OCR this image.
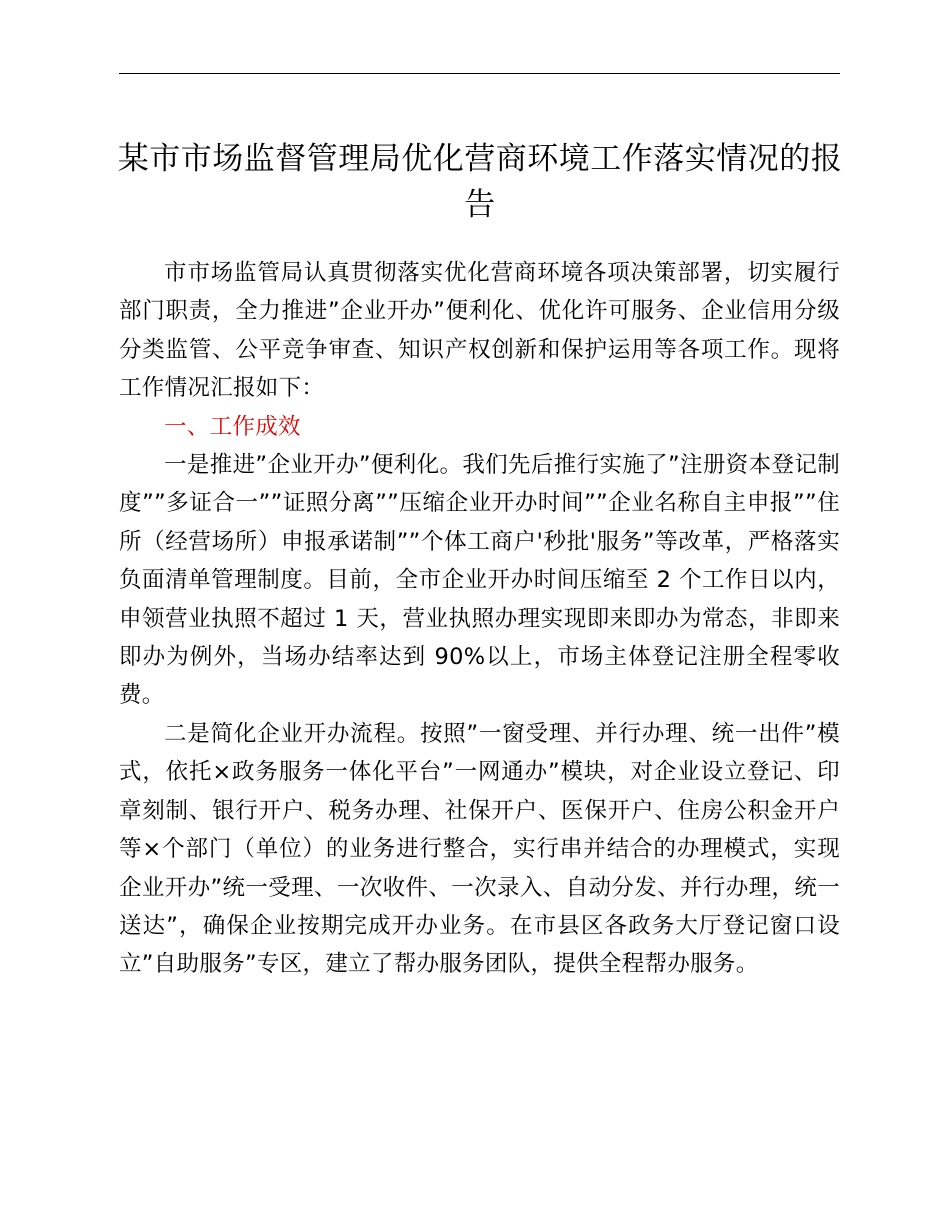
某市市场监督管理局优化营商环境工作落实情况的报告

市市场监管局认真贯彻落实优化营商环境各项决策部署，切实履行部门职责，全力推进”企业开办”便利化、优化许可服务、企业信用分级分类监管、公平竞争审查、知识产权创新和保护运用等各项工作。现将工作情况汇报如下：

一、工作成效

一是推进”企业开办”便利化。我们先后推行实施了”注册资本登记制度””多证合一””证照分离””压缩企业开办时间””企业名称自主申报””住所（经营场所）申报承诺制””个体工商户'秒批'服务”等改革，严格落实负面清单管理制度。目前，全市企业开办时间压缩至 2 个工作日以内，申领营业执照不超过 1 天，营业执照办理实现即来即办为常态，非即来即办为例外，当场办结率达到 90%以上，市场主体登记注册全程零收费。

二是简化企业开办流程。按照”一窗受理、并行办理、统一出件”模式，依托×政务服务一体化平台”一网通办”模块，对企业设立登记、印章刻制、银行开户、税务办理、社保开户、医保开户、住房公积金开户等×个部门（单位）的业务进行整合，实行串并结合的办理模式，实现企业开办”统一受理、一次收件、一次录入、自动分发、并行办理，统一送达”，确保企业按期完成开办业务。在市县区各政务大厅登记窗口设立”自助服务”专区，建立了帮办服务团队，提供全程帮办服务。
